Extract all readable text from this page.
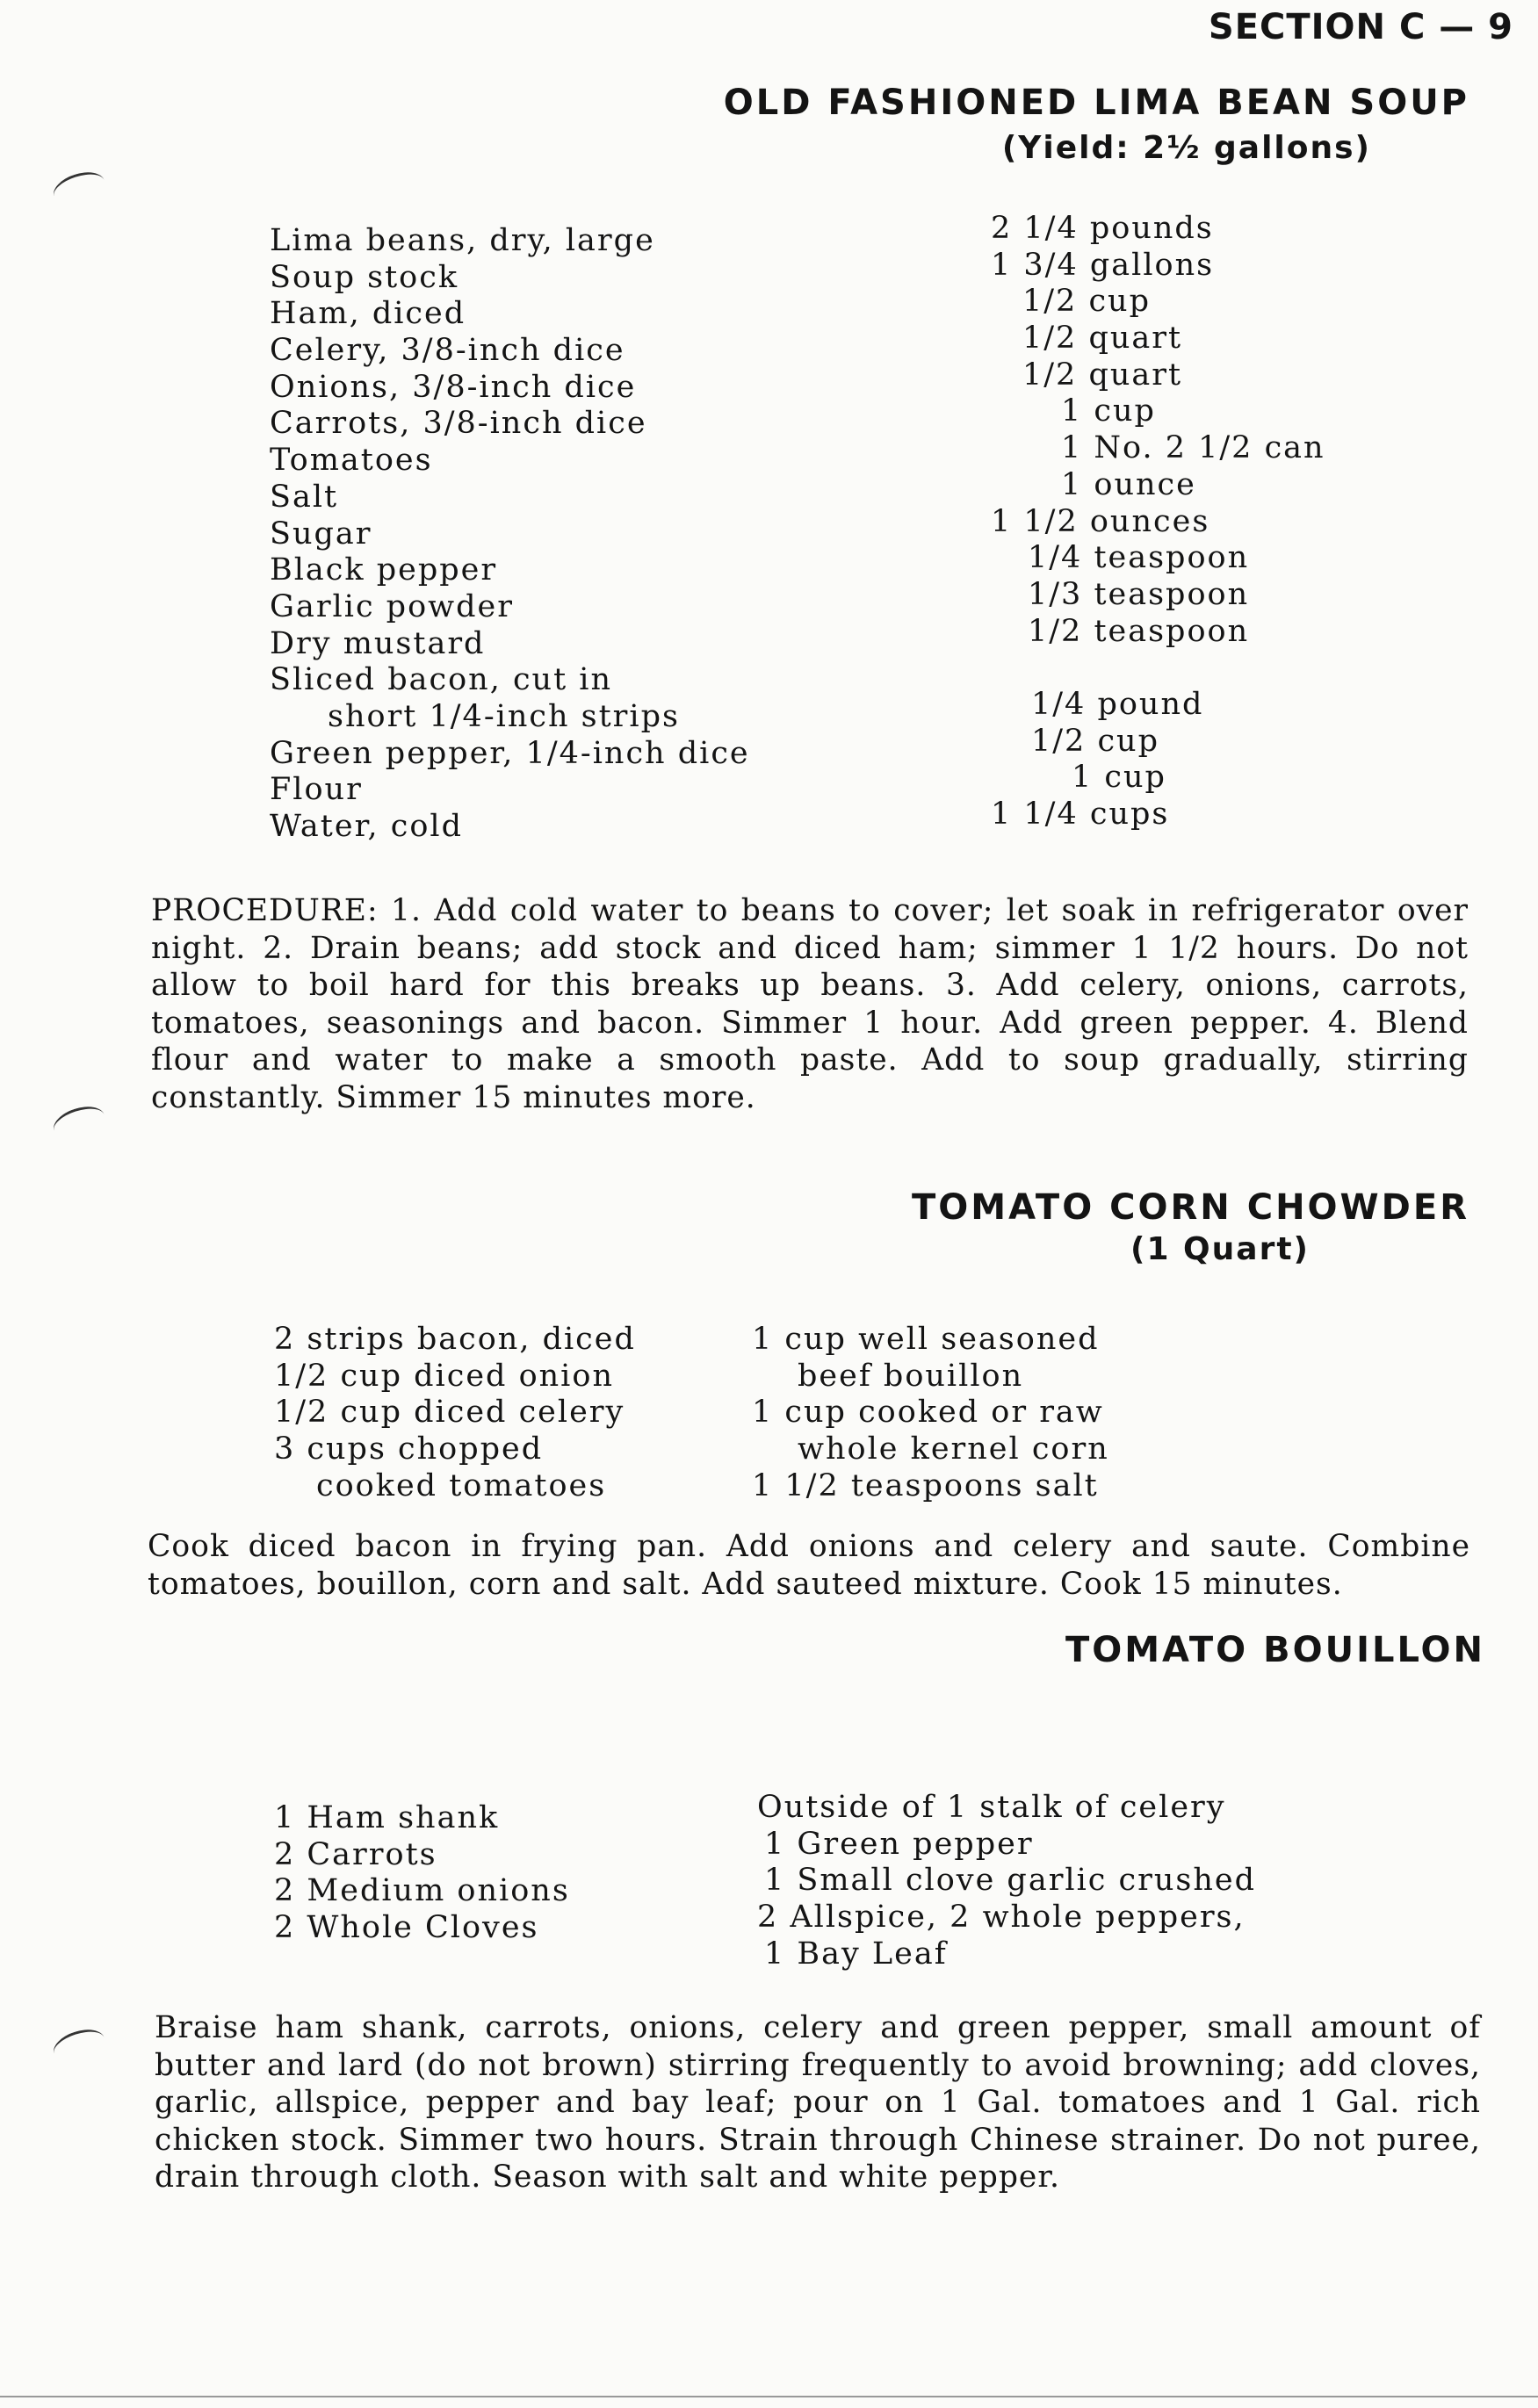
SECTION C — 9
OLD FASHIONED LIMA BEAN SOUP
(Yield: 2½ gallons)
Lima beans, dry, large
Soup stock
Ham, diced
Celery, 3/8-inch dice
Onions, 3/8-inch dice
Carrots, 3/8-inch dice
Tomatoes
Salt
Sugar
Black pepper
Garlic powder
Dry mustard
Sliced bacon, cut in
short 1/4-inch strips
Green pepper, 1/4-inch dice
Flour
Water, cold
2 1/4 pounds
1 3/4 gallons
1/2 cup
1/2 quart
1/2 quart
1 cup
1 No. 2 1/2 can
1 ounce
1 1/2 ounces
1/4 teaspoon
1/3 teaspoon
1/2 teaspoon
1/4 pound
1/2 cup
1 cup
1 1/4 cups
PROCEDURE: 1. Add cold water to beans to cover; let soak in refrigerator over night. 2. Drain beans; add stock and diced ham; simmer 1 1/2 hours. Do not allow to boil hard for this breaks up beans. 3. Add celery, onions, carrots, tomatoes, seasonings and bacon. Simmer 1 hour. Add green pepper. 4. Blend flour and water to make a smooth paste. Add to soup gradually, stirring constantly. Simmer 15 minutes more.
TOMATO CORN CHOWDER
(1 Quart)
2 strips bacon, diced
1/2 cup diced onion
1/2 cup diced celery
3 cups chopped
cooked tomatoes
1 cup well seasoned
beef bouillon
1 cup cooked or raw
whole kernel corn
1 1/2 teaspoons salt
Cook diced bacon in frying pan. Add onions and celery and saute. Combine tomatoes, bouillon, corn and salt. Add sauteed mixture. Cook 15 minutes.
TOMATO BOUILLON
1 Ham shank
2 Carrots
2 Medium onions
2 Whole Cloves
Outside of 1 stalk of celery
1 Green pepper
1 Small clove garlic crushed
2 Allspice, 2 whole peppers,
1 Bay Leaf
Braise ham shank, carrots, onions, celery and green pepper, small amount of butter and lard (do not brown) stirring frequently to avoid browning; add cloves, garlic, allspice, pepper and bay leaf; pour on 1 Gal. tomatoes and 1 Gal. rich chicken stock. Simmer two hours. Strain through Chinese strainer. Do not puree, drain through cloth. Season with salt and white pepper.
